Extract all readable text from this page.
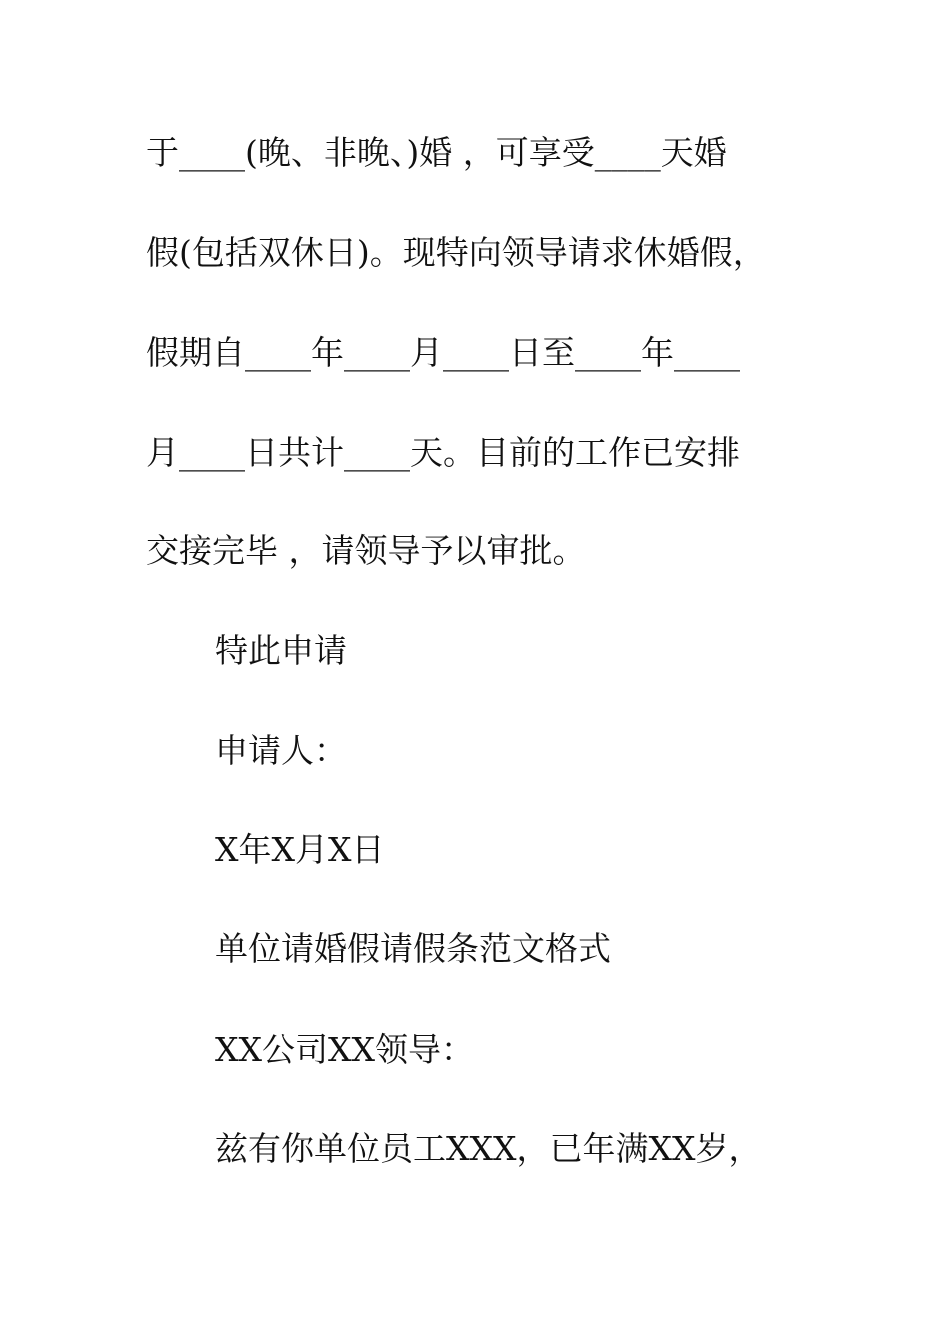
于____(晚、非晚、)婚 ，可享受____天婚
假(包括双休日)。现特向领导请求休婚假，
假期自____年____月____日至____年____
月____日共计____天。目前的工作已安排
交接完毕 ，请领导予以审批。
特此申请
申请人：
X年X月X日
单位请婚假请假条范文格式
XX公司XX领导：
兹有你单位员工XXX，已年满XX岁，
